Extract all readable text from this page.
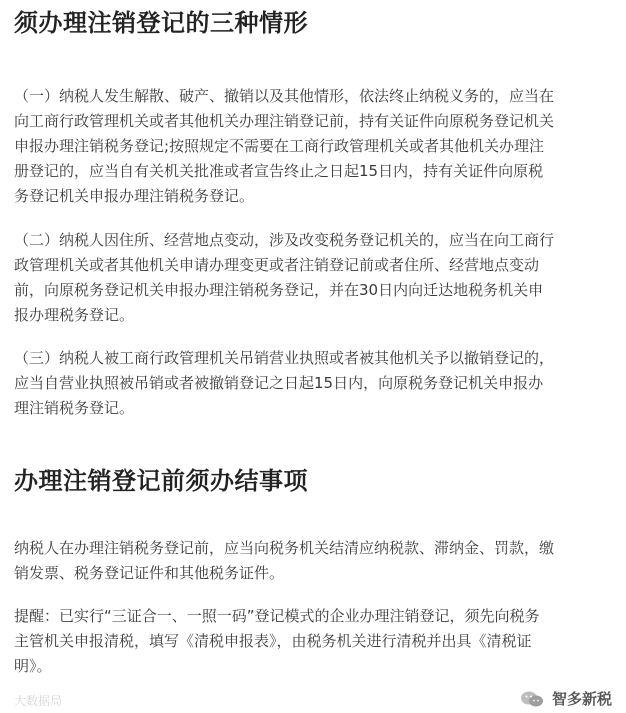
须办理注销登记的三种情形
（一）纳税人发生解散、破产、撤销以及其他情形，依法终止纳税义务的，应当在
向工商行政管理机关或者其他机关办理注销登记前，持有关证件向原税务登记机关
申报办理注销税务登记;按照规定不需要在工商行政管理机关或者其他机关办理注
册登记的，应当自有关机关批准或者宣告终止之日起15日内，持有关证件向原税
务登记机关申报办理注销税务登记。
（二）纳税人因住所、经营地点变动，涉及改变税务登记机关的，应当在向工商行
政管理机关或者其他机关申请办理变更或者注销登记前或者住所、经营地点变动
前，向原税务登记机关申报办理注销税务登记，并在30日内向迁达地税务机关申
报办理税务登记。
（三）纳税人被工商行政管理机关吊销营业执照或者被其他机关予以撤销登记的，
应当自营业执照被吊销或者被撤销登记之日起15日内，向原税务登记机关申报办
理注销税务登记。
办理注销登记前须办结事项
纳税人在办理注销税务登记前，应当向税务机关结清应纳税款、滞纳金、罚款，缴
销发票、税务登记证件和其他税务证件。
提醒：已实行“三证合一、一照一码”登记模式的企业办理注销登记，须先向税务
主管机关申报清税，填写《清税申报表》，由税务机关进行清税并出具《清税证
明》。
大数据局	智多新税
